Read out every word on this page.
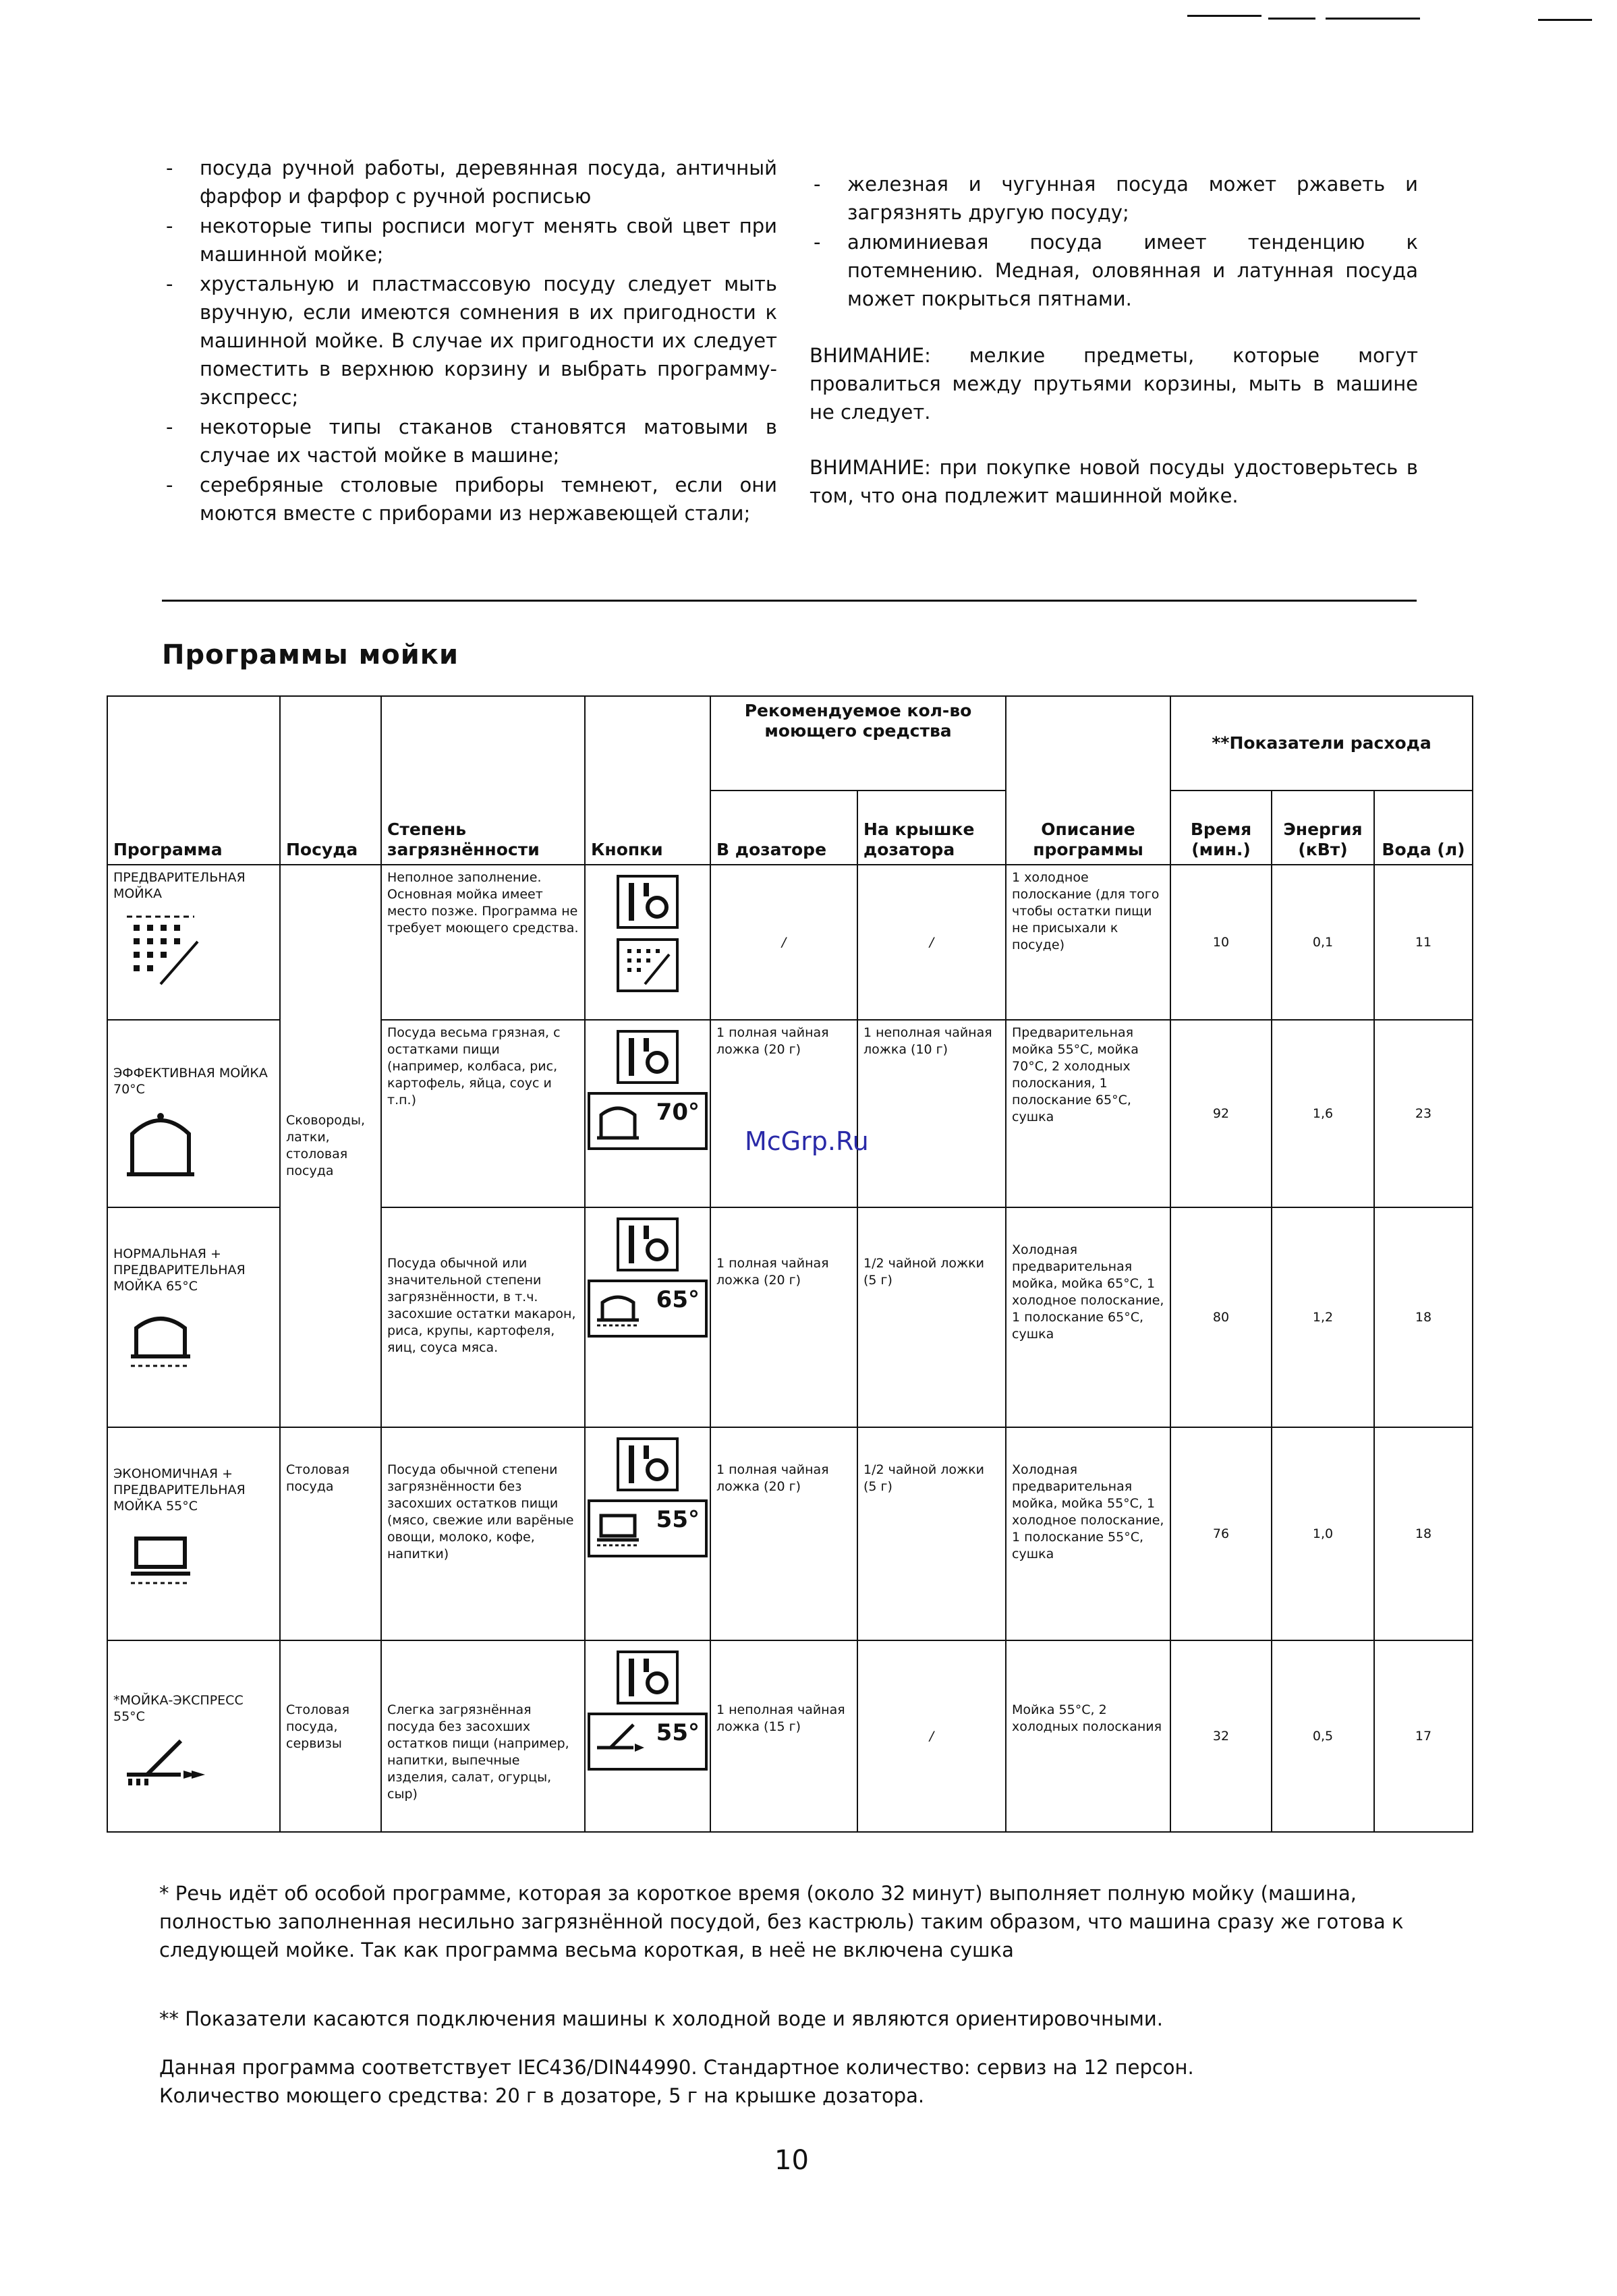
- посуда ручной работы, деревянная посуда, античный фарфор и фарфор с ручной росписью
- некоторые типы росписи могут менять свой цвет при машинной мойке;
- хрустальную и пластмассовую посуду следует мыть вручную, если имеются сомнения в их пригодности к машинной мойке. В случае их пригодности их следует поместить в верхнюю корзину и выбрать программу-экспресс;
- некоторые типы стаканов становятся матовыми в случае их частой мойке в машине;
- серебряные столовые приборы темнеют, если они моются вместе с приборами из нержавеющей стали;
- железная и чугунная посуда может ржаветь и загрязнять другую посуду;
- алюминиевая посуда имеет тенденцию к потемнению. Медная, оловянная и латунная посуда может покрыться пятнами.

ВНИМАНИЕ: мелкие предметы, которые могут провалиться между прутьями корзины, мыть в машине не следует.

ВНИМАНИЕ: при покупке новой посуды удостоверьтесь в том, что она подлежит машинной мойке.

Программы мойки
Программа	Посуда	Степень загрязнённости	Кнопки	Рекомендуемое кол-во моющего средства		Описание программы	**Показатели расхода		
				В дозаторе	На крышке дозатора		Время (мин.)	Энергия (кВт)	Вода (л)

ПРЕДВАРИТЕЛЬНАЯ МОЙКА	Сковороды, латки, столовая посуда	Неполное заполнение. Основная мойка имеет место позже. Программа не требует моющего средства.		/	/	1 холодное полоскание (для того чтобы остатки пищи не присыхали к посуде)	10	0,1	11

ЭФФЕКТИВНАЯ МОЙКА 70°С		Посуда весьма грязная, с остатками пищи (например, колбаса, рис, картофель, яйца, соус и т.п.)	70°	1 полная чайная ложка (20 г)	1 неполная чайная ложка (10 г)	Предварительная мойка 55°С, мойка 70°С, 2 холодных полоскания, 1 полоскание 65°С, сушка	92	1,6	23

НОРМАЛЬНАЯ + ПРЕДВАРИТЕЛЬНАЯ МОЙКА 65°С		Посуда обычной или значительной степени загрязнённости, в т.ч. засохшие остатки макарон, риса, крупы, картофеля, яиц, соуса мяса.	65°	1 полная чайная ложка (20 г)	1/2 чайной ложки (5 г)	Холодная предварительная мойка, мойка 65°С, 1 холодное полоскание, 1 полоскание 65°С, сушка	80	1,2	18

ЭКОНОМИЧНАЯ + ПРЕДВАРИТЕЛЬНАЯ МОЙКА 55°С	Столовая посуда	Посуда обычной степени загрязнённости без засохших остатков пищи (мясо, свежие или варёные овощи, молоко, кофе, напитки)	55°	1 полная чайная ложка (20 г)	1/2 чайной ложки (5 г)	Холодная предварительная мойка, мойка 55°С, 1 холодное полоскание, 1 полоскание 55°С, сушка	76	1,0	18

*МОЙКА-ЭКСПРЕСС 55°С	Столовая посуда, сервизы	Слегка загрязнённая посуда без засохших остатков пищи (например, напитки, выпечные изделия, салат, огурцы, сыр)	55°	1 неполная чайная ложка (15 г)	/	Мойка 55°С, 2 холодных полоскания	32	0,5	17
McGrp.Ru

* Речь идёт об особой программе, которая за короткое время (около 32 минут) выполняет полную мойку (машина, полностью заполненная несильно загрязнённой посудой, без кастрюль) таким образом, что машина сразу же готова к следующей мойке. Так как программа весьма короткая, в неё не включена сушка

** Показатели касаются подключения машины к холодной воде и являются ориентировочными.

Данная программа соответствует IEC436/DIN44990. Стандартное количество: сервиз на 12 персон.

Количество моющего средства: 20 г в дозаторе, 5 г на крышке дозатора.

10
